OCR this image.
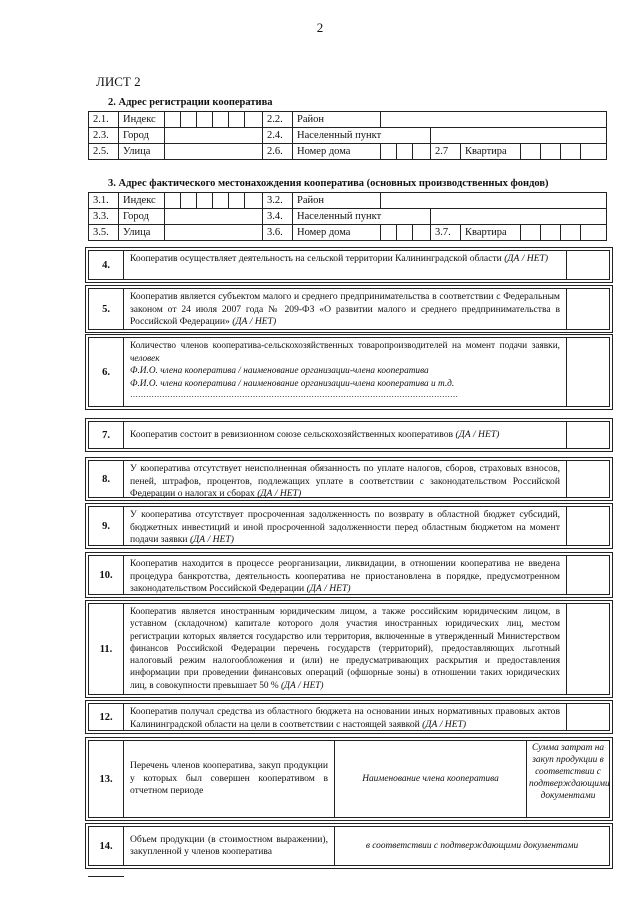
2
ЛИСТ 2
2. Адрес регистрации кооператива
2.1.	Индекс							2.2.	Район									
2.3.	Город							2.4.	Населенный пункт									
2.5.	Улица							2.6.	Номер дома				2.7	Квартира				
3. Адрес фактического местонахождения кооператива (основных производственных фондов)
3.1.	Индекс							3.2.	Район									
3.3.	Город							3.4.	Населенный пункт									
3.5.	Улица							3.6.	Номер дома				3.7.	Квартира				
4.
Кооператив осуществляет деятельность на сельской территории Калининградской области (ДА / НЕТ)
5.
Кооператив является субъектом малого и среднего предпринимательства в соответствии с Федеральным законом от 24 июля 2007 года № 209-ФЗ «О развитии малого и среднего предпринимательства в Российской Федерации» (ДА / НЕТ)
6.
Количество членов кооператива-сельскохозяйственных товаропроизводителей на момент подачи заявки, человек
Ф.И.О. члена кооператива / наименование организации-члена кооператива
Ф.И.О. члена кооператива / наименование организации-члена кооператива и т.д.
……………………………………………………………………………………………………………
7.	Кооператив состоит в ревизионном союзе сельскохозяйственных кооперативов (ДА / НЕТ)
8.
У кооператива отсутствует неисполненная обязанность по уплате налогов, сборов, страховых взносов, пеней, штрафов, процентов, подлежащих уплате в соответствии с законодательством Российской Федерации о налогах и сборах (ДА / НЕТ)
9.
У кооператива отсутствует просроченная задолженность по возврату в областной бюджет субсидий, бюджетных инвестиций и иной просроченной задолженности перед областным бюджетом на момент подачи заявки (ДА / НЕТ)
10.
Кооператив находится в процессе реорганизации, ликвидации, в отношении кооператива не введена процедура банкротства, деятельность кооператива не приостановлена в порядке, предусмотренном законодательством Российской Федерации (ДА / НЕТ)
11.
Кооператив является иностранным юридическим лицом, а также российским юридическим лицом, в уставном (складочном) капитале которого доля участия иностранных юридических лиц, местом регистрации которых является государство или территория, включенные в утвержденный Министерством финансов Российской Федерации перечень государств (территорий), предоставляющих льготный налоговый режим налогообложения и (или) не предусматривающих раскрытия и предоставления информации при проведении финансовых операций (офшорные зоны) в отношении таких юридических лиц, в совокупности превышает 50 % (ДА / НЕТ)
12.	Кооператив получал средства из областного бюджета на основании иных нормативных правовых актов Калининградской области на цели в соответствии с настоящей заявкой (ДА / НЕТ)
13.
Перечень членов кооператива, закуп продукции у которых был совершен кооперативом в отчетном периоде
Наименование члена кооператива
Сумма затрат на закуп продукции в соответствии с подтверждающими документами
14.
Объем продукции (в стоимостном выражении), закупленной у членов кооператива	в соответствии с подтверждающими документами
